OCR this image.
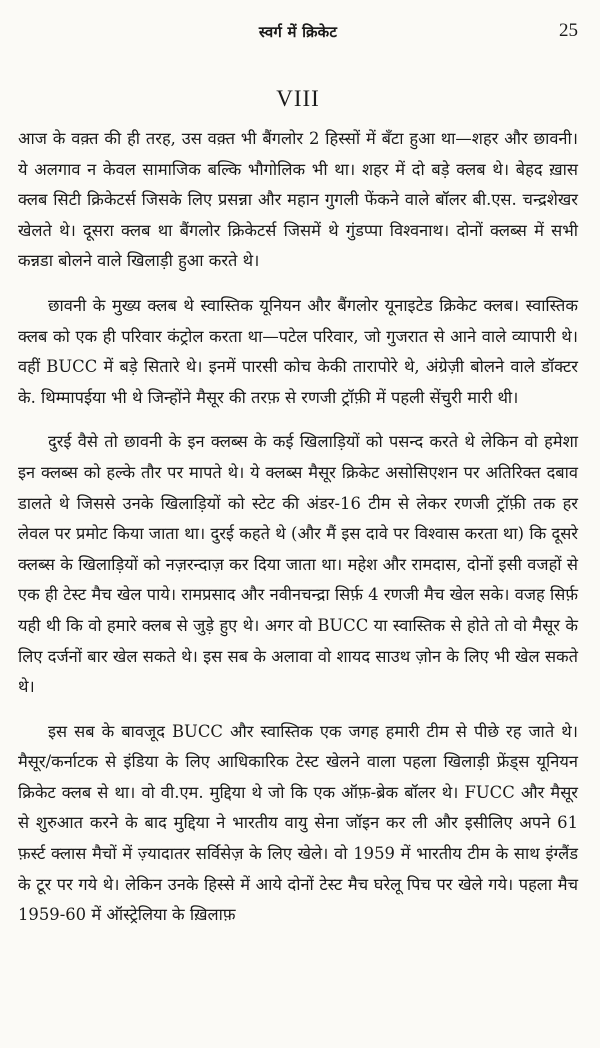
स्वर्ग में क्रिकेट	25
VIII

आज के वक़्त की ही तरह, उस वक़्त भी बैंगलोर 2 हिस्सों में बँटा हुआ था—शहर और छावनी। ये अलगाव न केवल सामाजिक बल्कि भौगोलिक भी था। शहर में दो बड़े क्लब थे। बेहद ख़ास क्लब सिटी क्रिकेटर्स जिसके लिए प्रसन्ना और महान गुगली फेंकने वाले बॉलर बी.एस. चन्द्रशेखर खेलते थे। दूसरा क्लब था बैंगलोर क्रिकेटर्स जिसमें थे गुंडप्पा विश्वनाथ। दोनों क्लब्स में सभी कन्नडा बोलने वाले खिलाड़ी हुआ करते थे।

छावनी के मुख्य क्लब थे स्वास्तिक यूनियन और बैंगलोर यूनाइटेड क्रिकेट क्लब। स्वास्तिक क्लब को एक ही परिवार कंट्रोल करता था—पटेल परिवार, जो गुजरात से आने वाले व्यापारी थे। वहीं BUCC में बड़े सितारे थे। इनमें पारसी कोच केकी तारापोरे थे, अंग्रेज़ी बोलने वाले डॉक्टर के. थिम्मापईया भी थे जिन्होंने मैसूर की तरफ़ से रणजी ट्रॉफ़ी में पहली सेंचुरी मारी थी।

दुरई वैसे तो छावनी के इन क्लब्स के कई खिलाड़ियों को पसन्द करते थे लेकिन वो हमेशा इन क्लब्स को हल्के तौर पर मापते थे। ये क्लब्स मैसूर क्रिकेट असोसिएशन पर अतिरिक्त दबाव डालते थे जिससे उनके खिलाड़ियों को स्टेट की अंडर-16 टीम से लेकर रणजी ट्रॉफ़ी तक हर लेवल पर प्रमोट किया जाता था। दुरई कहते थे (और मैं इस दावे पर विश्वास करता था) कि दूसरे क्लब्स के खिलाड़ियों को नज़रन्दाज़ कर दिया जाता था। महेश और रामदास, दोनों इसी वजहों से एक ही टेस्ट मैच खेल पाये। रामप्रसाद और नवीनचन्द्रा सिर्फ़ 4 रणजी मैच खेल सके। वजह सिर्फ़ यही थी कि वो हमारे क्लब से जुड़े हुए थे। अगर वो BUCC या स्वास्तिक से होते तो वो मैसूर के लिए दर्जनों बार खेल सकते थे। इस सब के अलावा वो शायद साउथ ज़ोन के लिए भी खेल सकते थे।

इस सब के बावजूद BUCC और स्वास्तिक एक जगह हमारी टीम से पीछे रह जाते थे। मैसूर/कर्नाटक से इंडिया के लिए आधिकारिक टेस्ट खेलने वाला पहला खिलाड़ी फ्रेंड्स यूनियन क्रिकेट क्लब से था। वो वी.एम. मुद्दिया थे जो कि एक ऑफ़-ब्रेक बॉलर थे। FUCC और मैसूर से शुरुआत करने के बाद मुद्दिया ने भारतीय वायु सेना जॉइन कर ली और इसीलिए अपने 61 फ़र्स्ट क्लास मैचों में ज़्यादातर सर्विसेज़ के लिए खेले। वो 1959 में भारतीय टीम के साथ इंग्लैंड के टूर पर गये थे। लेकिन उनके हिस्से में आये दोनों टेस्ट मैच घरेलू पिच पर खेले गये। पहला मैच 1959-60 में ऑस्ट्रेलिया के ख़िलाफ़
